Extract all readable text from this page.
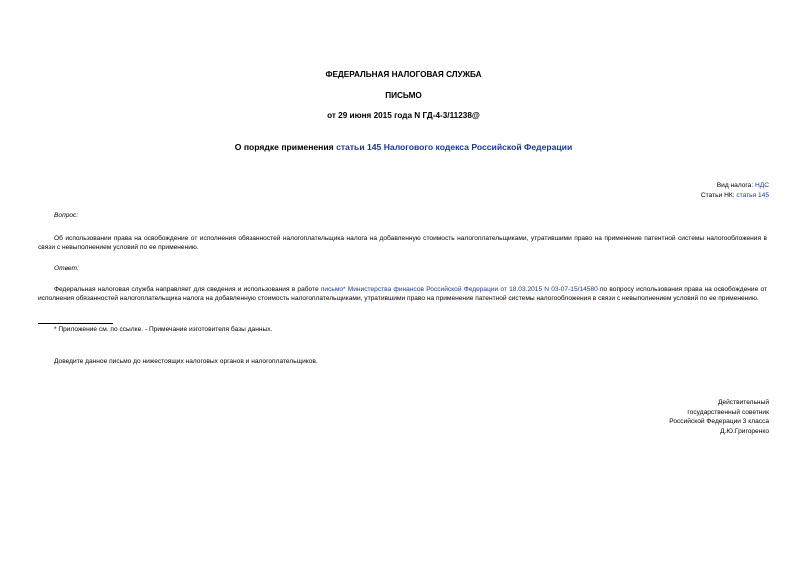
ФЕДЕРАЛЬНАЯ НАЛОГОВАЯ СЛУЖБА
ПИСЬМО
от 29 июня 2015 года N ГД-4-3/11238@
О порядке применения статьи 145 Налогового кодекса Российской Федерации
Вид налога: НДС
Статьи НК: статья 145
Вопрос:
Об использовании права на освобождение от исполнения обязанностей налогоплательщика налога на добавленную стоимость налогоплательщиками, утратившими право на применение патентной системы налогообложения в связи с невыполнением условий по ее применению.
Ответ:
Федеральная налоговая служба направляет для сведения и использования в работе письмо* Министерства финансов Российской Федерации от 18.03.2015 N 03-07-15/14580 по вопросу использования права на освобождение от исполнения обязанностей налогоплательщика налога на добавленную стоимость налогоплательщиками, утратившими право на применение патентной системы налогообложения в связи с невыполнением условий по ее применению.
* Приложение см. по ссылке. - Примечание изготовителя базы данных.
Доведите данное письмо до нижестоящих налоговых органов и налогоплательщиков.
Действительный
государственный советник
Российской Федерации 3 класса
Д.Ю.Григоренко
